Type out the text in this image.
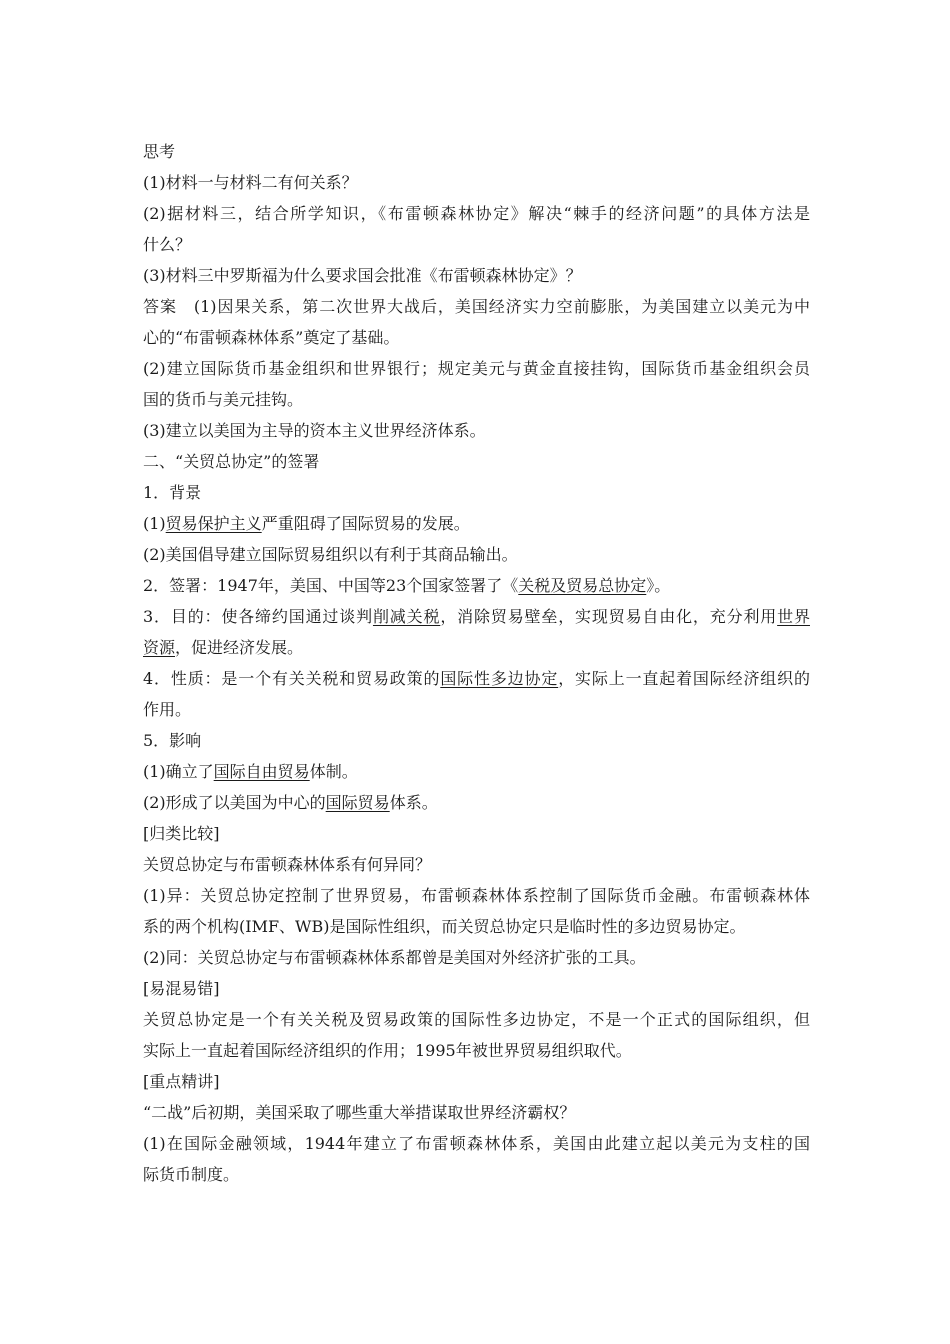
思考
(1)材料一与材料二有何关系？
(2)据材料三，结合所学知识，《布雷顿森林协定》解决“棘手的经济问题”的具体方法是
什么？
(3)材料三中罗斯福为什么要求国会批准《布雷顿森林协定》？
答案　(1)因果关系，第二次世界大战后，美国经济实力空前膨胀，为美国建立以美元为中
心的“布雷顿森林体系”奠定了基础。
(2)建立国际货币基金组织和世界银行；规定美元与黄金直接挂钩，国际货币基金组织会员
国的货币与美元挂钩。
(3)建立以美国为主导的资本主义世界经济体系。
二、“关贸总协定”的签署
1．背景
(1)贸易保护主义严重阻碍了国际贸易的发展。
(2)美国倡导建立国际贸易组织以有利于其商品输出。
2．签署：1947年，美国、中国等23个国家签署了《关税及贸易总协定》。
3．目的：使各缔约国通过谈判削减关税，消除贸易壁垒，实现贸易自由化，充分利用世界
资源，促进经济发展。
4．性质：是一个有关关税和贸易政策的国际性多边协定，实际上一直起着国际经济组织的
作用。
5．影响
(1)确立了国际自由贸易体制。
(2)形成了以美国为中心的国际贸易体系。
[归类比较]
关贸总协定与布雷顿森林体系有何异同？
(1)异：关贸总协定控制了世界贸易，布雷顿森林体系控制了国际货币金融。布雷顿森林体
系的两个机构(IMF、WB)是国际性组织，而关贸总协定只是临时性的多边贸易协定。
(2)同：关贸总协定与布雷顿森林体系都曾是美国对外经济扩张的工具。
[易混易错]
关贸总协定是一个有关关税及贸易政策的国际性多边协定，不是一个正式的国际组织，但
实际上一直起着国际经济组织的作用；1995年被世界贸易组织取代。
[重点精讲]
“二战”后初期，美国采取了哪些重大举措谋取世界经济霸权？
(1)在国际金融领域，1944年建立了布雷顿森林体系，美国由此建立起以美元为支柱的国
际货币制度。
